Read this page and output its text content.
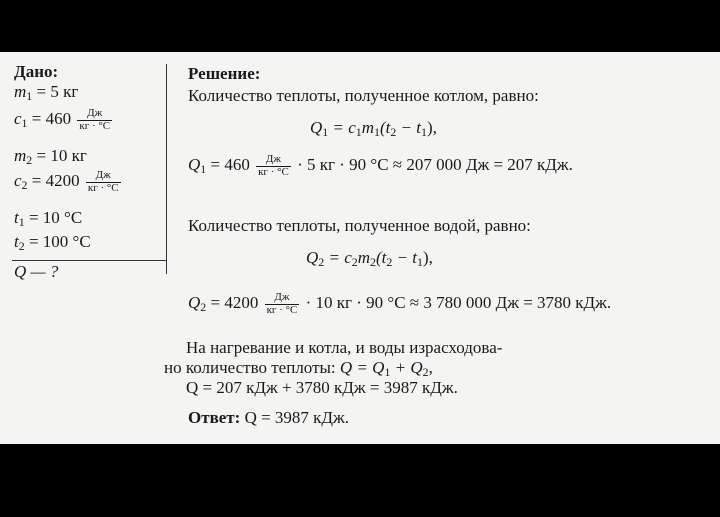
Дано:
$m_1 = 5$ кг
$c_1 = 460 \frac{Дж}{кг \cdot ^\circ С}$
$m_2 = 10$ кг
$c_2 = 4200 \frac{Дж}{кг \cdot ^\circ С}$
$t_1 = 10$ °С
$t_2 = 100$ °С
Q — ?
Решение:
Количество теплоты, полученное котлом, равно:
$Q_1 = c_1m_1(t_2 - t_1)$,
$Q_1 = 460 \frac{Дж}{кг \cdot ^\circ С} \cdot 5$ кг · 90 °С ≈ 207 000 Дж = 207 кДж.
Количество теплоты, полученное водой, равно:
$Q_2 = c_2m_2(t_2 - t_1)$,
$Q_2 = 4200 \frac{Дж}{кг \cdot ^\circ С} \cdot 10$ кг · 90 °С ≈ 3 780 000 Дж = 3780 кДж.
На нагревание и котла, и воды израсходова-
но количество теплоты: $Q = Q_1 + Q_2$,
Q = 207 кДж + 3780 кДж = 3987 кДж.
Ответ: Q = 3987 кДж.
